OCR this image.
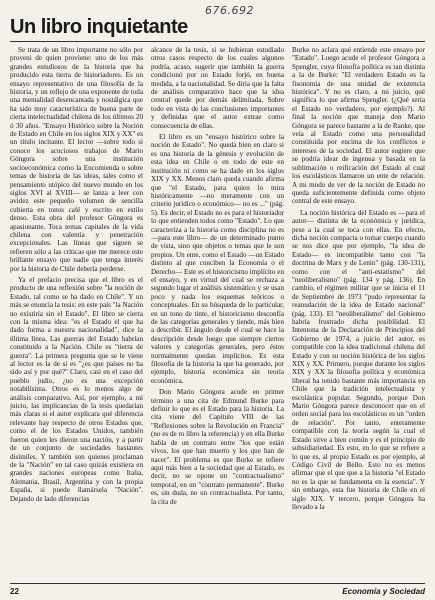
676.692
Un libro inquietante

Se trata de un libro importante no sólo por proveni de quien proviene: uno de los más grandes estudiosos de la historia que ha producido esta tierra de historiadores. Es un ensayo representativo de una filosofía de la historia, y un reflejo de una exponente de toda una mentalidad desencantada y nostálgica que ha sido muy característica de buena parte de cierta intelectualidad chilena de los últimos 20 ó 30 años. "Ensayo Histórico sobre la Noción de Estado en Chile en los siglos XIX y XX" es un título incitante. El lector —sobre todo si conoce los acuciosos trabajos de Mario Góngora sobre una institución socioeconómica como la Encomienda o sobre temas de historia de las ideas, tales como el pensamiento utópico del nuevo mundo en los siglos XVI al XVIII— se lanza a leer con avidez este pequeño volumen de sencilla cubierta en tonos café y escrito en estilo denso. Esta obra del profesor Góngora es apasionante. Toca temas capitales de la vida chilena con valentía y penetración excepcionales. Las líneas que siguen se refieren sólo a las críticas que me merece este brillante ensayo que nadie que tenga interés por la historia de Chile debería perderse.

Ya el prefacio precisa que el libro es el producto de una reflexión sobre "la noción de Estado, tal como se ha dado en Chile". Y un más se enuncia la tesis: en este país "la Nación no existiría sin el Estado". El libro se cierra con la misma idea: "es el Estado el que ha dado forma a nuestra nacionalidad", dice la última línea. Las guerras del Estado habrían constituido a la Nación. Chile es "tierra de guerra". La primera pregunta que se le viene al lector es la de si es "¿es que países no ha sido así y por qué?" Claro, casi en el caso del pueblo judío, ¿no es una excepción notabilísima. Otros es lo menos algo de análisis comparativo. Así, por ejemplo, a mí juicio, las implicancias de la tesis quedarían más claras si el autor explicara qué diferencia relevante hay respecto de otros Estados que, como el de los Estados Unidos, también fueron quien les dieron una nación, y a partir de un conjunto de sociedades bastantes disímiles. Y también son quienes proclaman de la "Nación" en tal caso quizás existiera en grandes naciones europeas como Italia, Alemania, Brasil, Argentina y con la propia España, si puede llamársela "Nación". Dejando de lado diferencias

alcance de la tesis, si se hubieran estudiado otros casos respecto de los cuales algunos podría, acaso, sugerir que también la guerra condicionó por un Estado forjó, en buena medida, a la nacionalidad. Se diría que la falta de análisis comparativo hace que la idea central quede por demás delimitada. Sobre todo en vista de las conclusiones importantes y definidas que el autor extrae como consecuencia de ellas.

El libro es un "ensayo histórico sobre la noción de Estado". No queda bien en claro si es una historia de la génesis y evolución de esta idea en Chile o en todo de este en institución ni como se ha dado en los siglos XIX y XX. Menos claro queda cuando afirma que "el Estado, para quien lo mira históricamente —no meramente con un criterio jurídico o económico— no es ..." (pág. 5). Es decir, el Estado no es para el historiador lo que entienden todos como "Estado". Lo que caracteriza a la historia como disciplina no es —para este libro— de un determinado punto de vista, sino que objetos o temas que le son propios. Un ente, como el Estado —un Estado distinto al que conciben la Economía o el Derecho— Este es el historicismo implícito en el ensayo, y en virtud del cual se rechaza a segundo lugar el análisis sistemático y se usan poco y nada los esquemas teóricos o conceptuales. En su búsqueda de lo particular, en un tono de tinte, el historicismo desconfía de las categorías generales y tiende, más bien a describir. El ángulo desde el cual se hace la descripción desde luego que siempre ciertos valores y categorías generales, pero éstos normalmente quedan implícitos. Es esta filosofía de la historia la que ha generado, por ejemplo, historia económica sin teoría económica.

Don Mario Góngora acude en primer término a una cita de Edmund Burke para definir lo que es el Estado para la historia. La cita viene del Capítulo VIII de las "Reflexiones sobre la Revolución en Francia" (no es de ro libro la referencia) y en ella Burke habla de un contrato entre "los que están vivos, los que han muerto y los que han de nacer". El problema es que Burke se refiere aquí más bien a la sociedad que al Estado, es decir, no se opone un "contractualismo" temporal, en un "contrato permanente". Burke es, sin duda, no un contractualista. Por tanto, la cita de

Burke no aclara qué entiende este ensayo por "Estado". Luego acude el profesor Góngora a Spengler, cuya filosofía política es tan distinta a la de Burke: "El verdadero Estado es la fisonomía de una unidad de existencia histórica". Y no es claro, a mi juicio, qué significa lo que afirma Spengler. (¿Qué sería el Estado no verdadero, por ejemplo?). Al final la noción que maneja don Mario Góngora se parece bastante a la de Ranke, que veía al Estado como una personalidad constituida por encima de los conflictos e intereses de la sociedad. El autor sugiere que se podría idear de ingenua y basada en la sublimación o reificación del Estado al cual los escolásticos llamaron un ente de relación. A mi modo de ver de la noción de Estado no queda suficientemente definida como objeto central de este ensayo.

La noción histórica del Estado es —para el autor— distinta de la económica y jurídica, pese a la cual se toca con ellas. En efecto, dicha noción compacta o tomar cuerpo cuando se nos dice que por ejemplo, "la idea de Estado— es incompatible tanto con "la doctrina de Marx y de Lenin" (pág. 130-131), como con el "anti-estatismo" del "neoliberalismo" (pág. 134 y pág. 136). En cambio, el régimen militar que se inicia el 11 de Septiembre de 1973 "pudo representar la reanudación de la idea de Estado nacional" (pág. 133). El "neoliberalismo" del Gobierno habría frustrado dicha posibilidad. El Intentona de la Declaración de Principios del Gobierno de 1974, a juicio del autor, es compatible con la idea tradicional chilena del Estado y con su noción histórica de los siglos XIX y XX. Primero, porque durante los siglos XIX y XX la filosofía política y económica liberal ha tenido bastante más importancia en Chile que la tradición intelectualista y escolástica popular. Segundo, porque Don Mario Góngora parece desconocer que en el orden social para los escolásticos es un "orden de relación". Por tanto, enteramente compatible con la teoría según la cual el Estado sirve a bien común y es el principio de subsidiariedad. Es esto, en lo que se refiere a lo que es, al propio Estado es por ejemplo, al Código Civil de Bello. Esto no es menos afirmar que el que que a la historia "el Estado no es la que se fundamenta en la esencia". Y sin embargo, esta fue historia de Chile en el siglo XIX. Y tercero, porque Góngora ha llevado a la

22	Economía y Sociedad
